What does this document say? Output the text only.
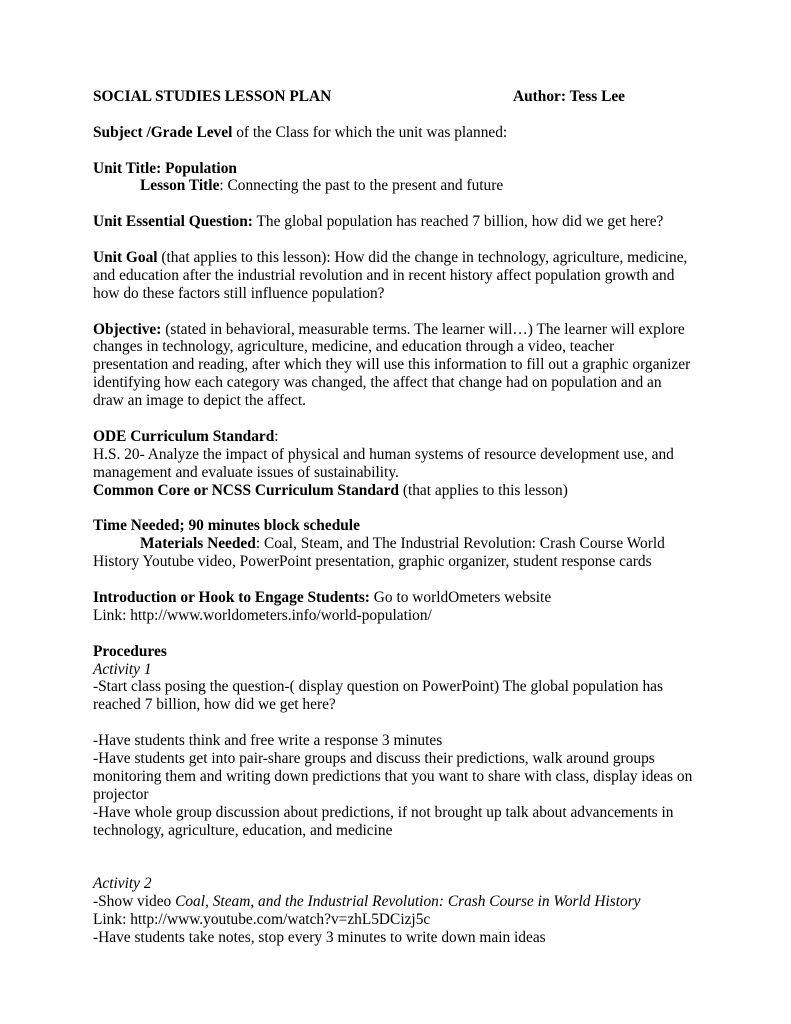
SOCIAL STUDIES LESSON PLAN	Author: Tess Lee
Subject /Grade Level of the Class for which the unit was planned:
Unit Title: Population
Lesson Title: Connecting the past to the present and future
Unit Essential Question: The global population has reached 7 billion, how did we get here?
Unit Goal (that applies to this lesson): How did the change in technology, agriculture, medicine,
and education after the industrial revolution and in recent history affect population growth and
how do these factors still influence population?
Objective: (stated in behavioral, measurable terms. The learner will…) The learner will explore
changes in technology, agriculture, medicine, and education through a video, teacher
presentation and reading, after which they will use this information to fill out a graphic organizer
identifying how each category was changed, the affect that change had on population and an
draw an image to depict the affect.
ODE Curriculum Standard:
H.S. 20- Analyze the impact of physical and human systems of resource development use, and
management and evaluate issues of sustainability.
Common Core or NCSS Curriculum Standard (that applies to this lesson)
Time Needed; 90 minutes block schedule
Materials Needed: Coal, Steam, and The Industrial Revolution: Crash Course World
History Youtube video, PowerPoint presentation, graphic organizer, student response cards
Introduction or Hook to Engage Students: Go to worldOmeters website
Link: http://www.worldometers.info/world-population/
Procedures
Activity 1
-Start class posing the question-( display question on PowerPoint) The global population has
reached 7 billion, how did we get here?
-Have students think and free write a response 3 minutes
-Have students get into pair-share groups and discuss their predictions, walk around groups
monitoring them and writing down predictions that you want to share with class, display ideas on
projector
-Have whole group discussion about predictions, if not brought up talk about advancements in
technology, agriculture, education, and medicine
Activity 2
-Show video Coal, Steam, and the Industrial Revolution: Crash Course in World History
Link: http://www.youtube.com/watch?v=zhL5DCizj5c
-Have students take notes, stop every 3 minutes to write down main ideas
